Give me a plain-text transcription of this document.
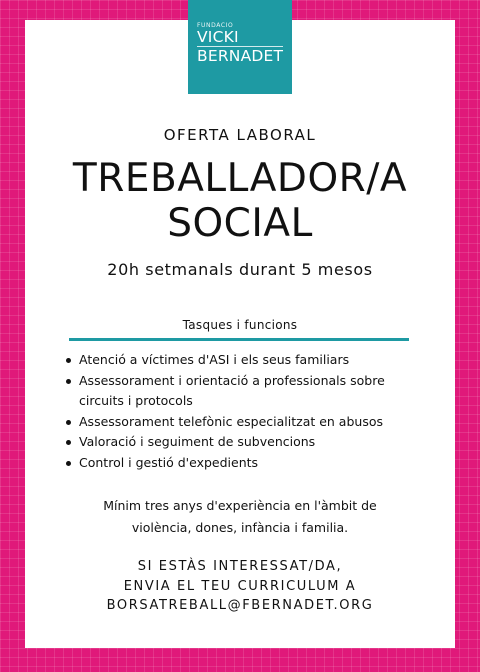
FUNDACIÓ
VICKI
BERNADET
OFERTA LABORAL
TREBALLADOR/A
SOCIAL
20h setmanals durant 5 mesos
Tasques i funcions
Atenció a víctimes d'ASI i els seus familiars
Assessorament i orientació a professionals sobre circuits i protocols
Assessorament telefònic especialitzat en abusos
Valoració i seguiment de subvencions
Control i gestió d'expedients
Mínim tres anys d'experiència en l'àmbit de
violència, dones, infància i familia.
SI ESTÀS INTERESSAT/DA,
ENVIA EL TEU CURRICULUM A
BORSATREBALL@FBERNADET.ORG
